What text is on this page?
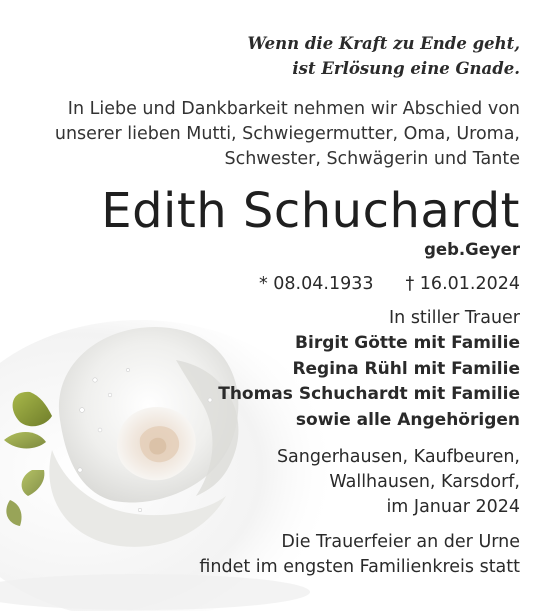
Wenn die Kraft zu Ende geht,
ist Erlösung eine Gnade.
In Liebe und Dankbarkeit nehmen wir Abschied von
unserer lieben Mutti, Schwiegermutter, Oma, Uroma,
Schwester, Schwägerin und Tante
Edith Schuchardt
geb.Geyer
* 08.04.1933 † 16.01.2024
In stiller Trauer
Birgit Götte mit Familie
Regina Rühl mit Familie
Thomas Schuchardt mit Familie
sowie alle Angehörigen
Sangerhausen, Kaufbeuren,
Wallhausen, Karsdorf,
im Januar 2024
Die Trauerfeier an der Urne
findet im engsten Familienkreis statt
